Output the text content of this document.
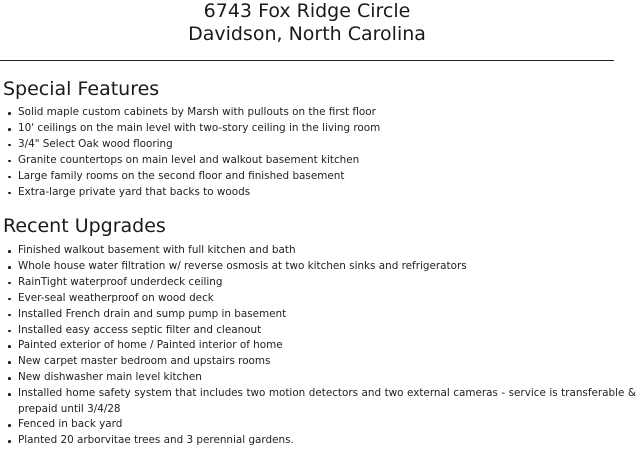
6743 Fox Ridge Circle
Davidson, North Carolina
Special Features
Solid maple custom cabinets by Marsh with pullouts on the first floor
10' ceilings on the main level with two-story ceiling in the living room
3/4" Select Oak wood flooring
Granite countertops on main level and walkout basement kitchen
Large family rooms on the second floor and finished basement
Extra-large private yard that backs to woods
Recent Upgrades
Finished walkout basement with full kitchen and bath
Whole house water filtration w/ reverse osmosis at two kitchen sinks and refrigerators
RainTight waterproof underdeck ceiling
Ever-seal weatherproof on wood deck
Installed French drain and sump pump in basement
Installed easy access septic filter and cleanout
Painted exterior of home / Painted interior of home
New carpet master bedroom and upstairs rooms
New dishwasher main level kitchen
Installed home safety system that includes two motion detectors and two external cameras - service is transferable & prepaid until 3/4/28
Fenced in back yard
Planted 20 arborvitae trees and 3 perennial gardens.
